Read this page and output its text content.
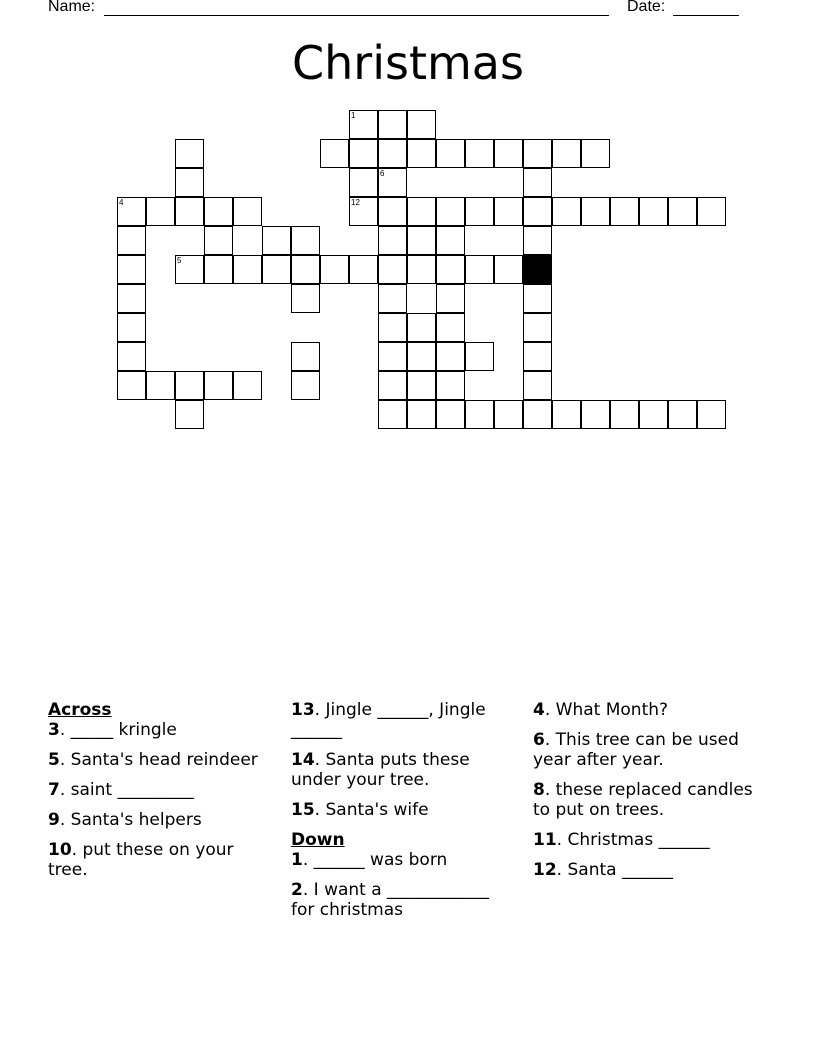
Name:	Date:
Christmas
1
6
4	12
5
Across
3. _____ kringle
5. Santa's head reindeer
7. saint _________
9. Santa's helpers
10. put these on your tree.
13. Jingle ______, Jingle ______
14. Santa puts these under your tree.
15. Santa's wife
Down
1. ______ was born
2. I want a ____________ for christmas
4. What Month?
6. This tree can be used year after year.
8. these replaced candles to put on trees.
11. Christmas ______
12. Santa ______
